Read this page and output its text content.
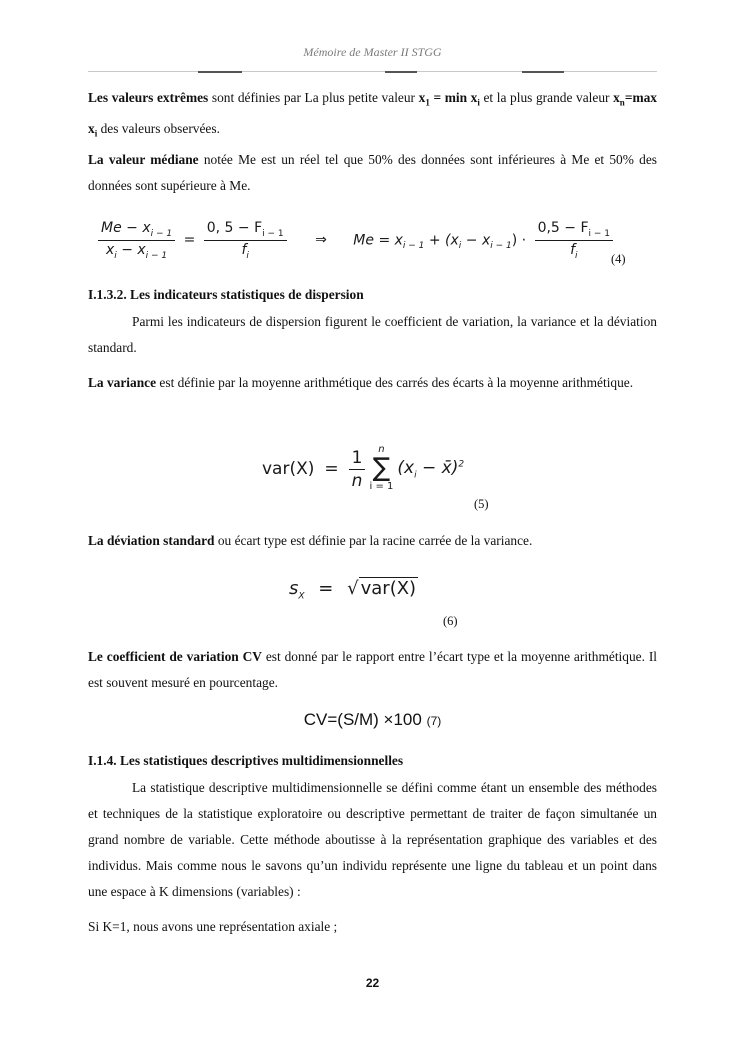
Mémoire de Master II STGG
Les valeurs extrêmes sont définies par La plus petite valeur $x_1 = \min x_i$ et la plus grande valeur $x_n=\max$ $x_i$ des valeurs observées.
La valeur médiane notée Me est un réel tel que 50% des données sont inférieures à Me et 50% des données sont supérieure à Me.
$\frac{Me - x_{i - 1}}{x_i - x_{i - 1}} = \frac{0, 5 - F_{i - 1}}{f_i}$ ⇒ $Me = x_{i - 1} + (x_i - x_{i - 1}) \cdot \frac{0,5 - F_{i - 1}}{f_i}$
(4)
I.1.3.2. Les indicateurs statistiques de dispersion
Parmi les indicateurs de dispersion figurent le coefficient de variation, la variance et la déviation standard.
La variance est définie par la moyenne arithmétique des carrés des écarts à la moyenne arithmétique.
$var(X) = \frac{1}{n}$ n
∑
i = 1
($x_i$ − x̄)$^2$
(5)
La déviation standard ou écart type est définie par la racine carrée de la variance.
$s_X$ = √ var(X)
(6)
Le coefficient de variation CV est donné par le rapport entre l’écart type et la moyenne arithmétique. Il est souvent mesuré en pourcentage.
CV=(S/M) ×100 (7)
I.1.4. Les statistiques descriptives multidimensionnelles
La statistique descriptive multidimensionnelle se défini comme étant un ensemble des méthodes et techniques de la statistique exploratoire ou descriptive permettant de traiter de façon simultanée un grand nombre de variable. Cette méthode aboutisse à la représentation graphique des variables et des individus. Mais comme nous le savons qu’un individu représente une ligne du tableau et un point dans une espace à K dimensions (variables) :
Si K=1, nous avons une représentation axiale ;
22
